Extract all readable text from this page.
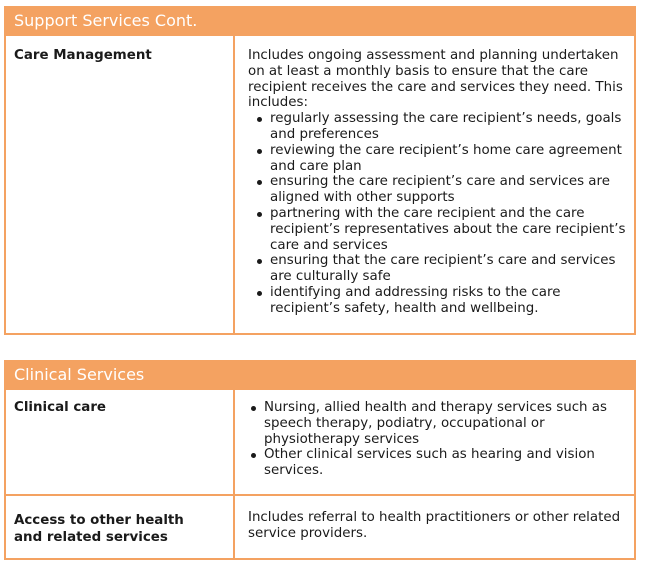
Support Services Cont.
Care Management	Includes ongoing assessment and planning undertaken on at least a monthly basis to ensure that the care recipient receives the care and services they need. This includes:
regularly assessing the care recipient’s needs, goals and preferences
reviewing the care recipient’s home care agreement and care plan
ensuring the care recipient’s care and services are aligned with other supports
partnering with the care recipient and the care recipient’s representatives about the care recipient’s care and services
ensuring that the care recipient’s care and services are culturally safe
identifying and addressing risks to the care recipient’s safety, health and wellbeing.
Clinical Services
Clinical care	Nursing, allied health and therapy services such as speech therapy, podiatry, occupational or physiotherapy services
Other clinical services such as hearing and vision services.
Access to other health
and related services
Includes referral to health practitioners or other related service providers.
